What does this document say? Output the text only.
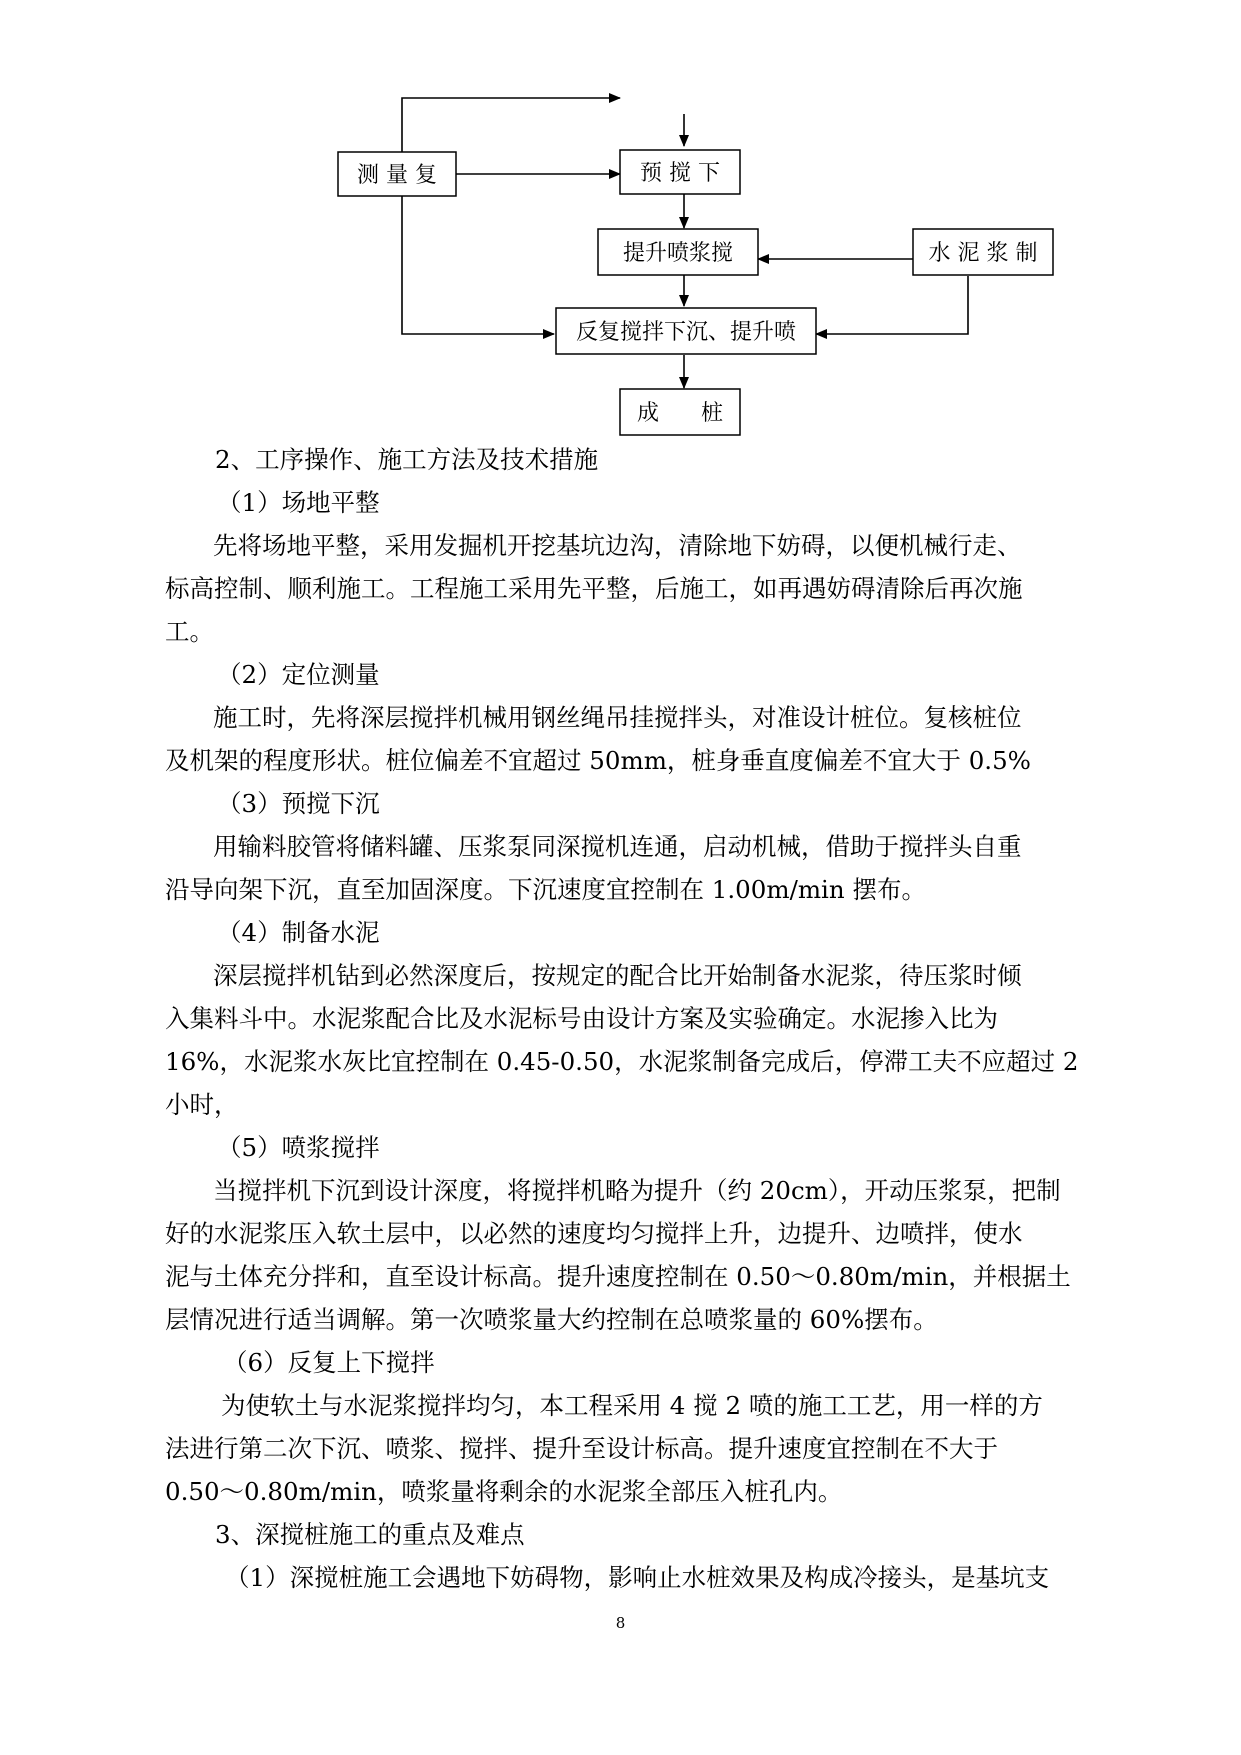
测 量 复	预 搅 下
提升喷浆搅	水 泥 浆 制
反复搅拌下沉、提升喷
成      桩
2、工序操作、施工方法及技术措施
（1）场地平整
先将场地平整，采用发掘机开挖基坑边沟，清除地下妨碍，以便机械行走、
标高控制、顺利施工。工程施工采用先平整，后施工，如再遇妨碍清除后再次施
工。
（2）定位测量
施工时，先将深层搅拌机械用钢丝绳吊挂搅拌头，对准设计桩位。复核桩位
及机架的程度形状。桩位偏差不宜超过 50mm，桩身垂直度偏差不宜大于 0.5%
（3）预搅下沉
用输料胶管将储料罐、压浆泵同深搅机连通，启动机械，借助于搅拌头自重
沿导向架下沉，直至加固深度。下沉速度宜控制在 1.00m/min 摆布。
（4）制备水泥
深层搅拌机钻到必然深度后，按规定的配合比开始制备水泥浆，待压浆时倾
入集料斗中。水泥浆配合比及水泥标号由设计方案及实验确定。水泥掺入比为
16%，水泥浆水灰比宜控制在 0.45-0.50，水泥浆制备完成后，停滞工夫不应超过 2
小时，
（5）喷浆搅拌
当搅拌机下沉到设计深度，将搅拌机略为提升（约 20cm），开动压浆泵，把制
好的水泥浆压入软土层中，以必然的速度均匀搅拌上升，边提升、边喷拌，使水
泥与土体充分拌和，直至设计标高。提升速度控制在 0.50～0.80m/min，并根据土
层情况进行适当调解。第一次喷浆量大约控制在总喷浆量的 60%摆布。
（6）反复上下搅拌
为使软土与水泥浆搅拌均匀，本工程采用 4 搅 2 喷的施工工艺，用一样的方
法进行第二次下沉、喷浆、搅拌、提升至设计标高。提升速度宜控制在不大于
0.50～0.80m/min，喷浆量将剩余的水泥浆全部压入桩孔内。
3、深搅桩施工的重点及难点
（1）深搅桩施工会遇地下妨碍物，影响止水桩效果及构成冷接头，是基坑支
8
